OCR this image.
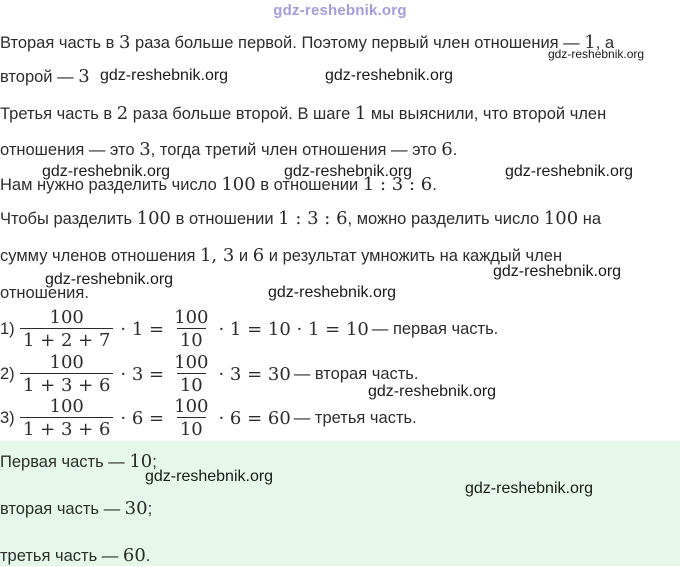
gdz-reshebnik.org
Вторая часть в 3 раза больше первой. Поэтому первый член отношения — 1, а
второй — 3
Третья часть в 2 раза больше второй. В шаге 1 мы выяснили, что второй член
отношения — это 3, тогда третий член отношения — это 6.
Нам нужно разделить число 100 в отношении 1 : 3 : 6.
Чтобы разделить 100 в отношении 1 : 3 : 6, можно разделить число 100 на
сумму членов отношения 1, 3 и 6 и результат умножить на каждый член
отношения.
$1) \frac{100}{1 + 2 + 7} \cdot 1 = \frac{100}{10} \cdot 1 = 10 \cdot 1 = 10$ — первая часть.
$2) \frac{100}{1 + 3 + 6} \cdot 3 = \frac{100}{10} \cdot 3 = 30$ — вторая часть.
$3) \frac{100}{1 + 3 + 6} \cdot 6 = \frac{100}{10} \cdot 6 = 60$ — третья часть.
Первая часть — 10;
вторая часть — 30;
третья часть — 60.
gdz-reshebnik.org
gdz-reshebnik.org	gdz-reshebnik.org
gdz-reshebnik.org	gdz-reshebnik.org	gdz-reshebnik.org
gdz-reshebnik.org	gdz-reshebnik.org
gdz-reshebnik.org
gdz-reshebnik.org
gdz-reshebnik.org
gdz-reshebnik.org
